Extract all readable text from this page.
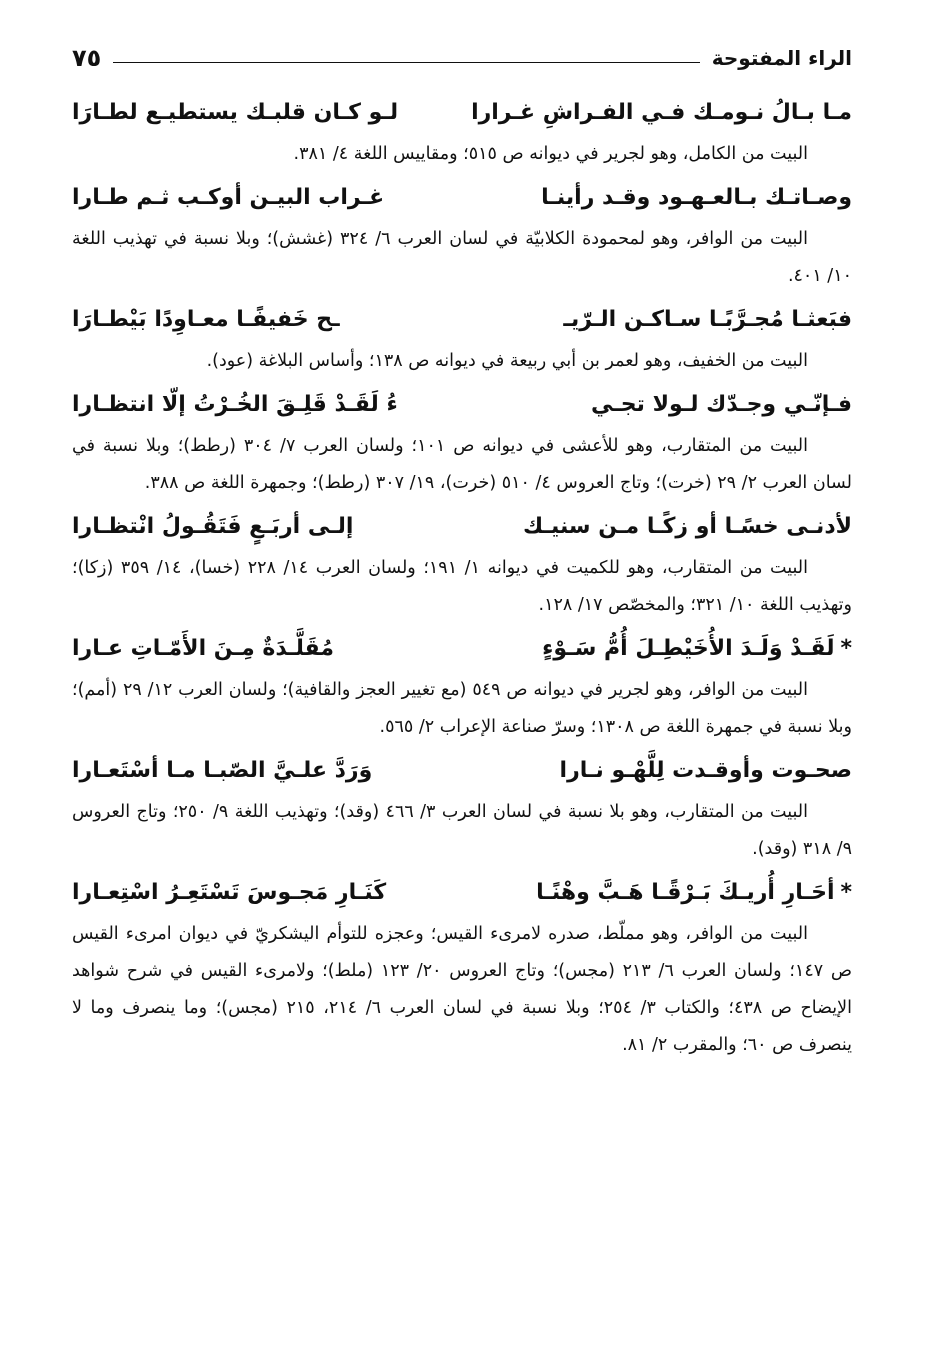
الراء المفتوحة
٧٥
مـا بـالُ نـومـك فـي الفـراشِ غـرارا
لـو كـان قلبـك يستطيـع لطـارَا

البيت من الكامل، وهو لجرير في ديوانه ص ٥١٥؛ ومقاييس اللغة ٤/ ٣٨١.

وصـاتـك بـالعـهـود وقـد رأينـا
غـراب البيـن أوكـب ثـم طـارا

البيت من الوافر، وهو لمحمودة الكلابيّة في لسان العرب ٦/ ٣٢٤ (غشش)؛ وبلا نسبة في تهذيب اللغة ١٠/ ٤٠١.

فبَعثـا مُجـرَّبًـا سـاكـن الـرّيـ
ـح خَفيفًـا معـاوِدًا بَيْطـارَا

البيت من الخفيف، وهو لعمر بن أبي ربيعة في ديوانه ص ١٣٨؛ وأساس البلاغة (عود).

فـإنّـي وجـدّك لـولا تجـي
ءُ لَقَـدْ قَلِـقَ الخُـرْتُ إلّا انتظـارا

البيت من المتقارب، وهو للأعشى في ديوانه ص ١٠١؛ ولسان العرب ٧/ ٣٠٤ (رطط)؛ وبلا نسبة في لسان العرب ٢/ ٢٩ (خرت)؛ وتاج العروس ٤/ ٥١٠ (خرت)، ١٩/ ٣٠٧ (رطط)؛ وجمهرة اللغة ص ٣٨٨.

لأدنـى خسًـا أو زكًـا مـن سنيـك
إلـى أربَـعٍ فَتَقُـولُ انْتظـارا

البيت من المتقارب، وهو للكميت في ديوانه ١/ ١٩١؛ ولسان العرب ١٤/ ٢٢٨ (خسا)، ١٤/ ٣٥٩ (زكا)؛ وتهذيب اللغة ١٠/ ٣٢١؛ والمخصّص ١٧/ ١٢٨.

*لَقَـدْ وَلَـدَ الأُخَيْطِـلَ أُمُّ سَـوْءٍ
مُقَلَّـدَةٌ مِـنَ الأَمّـاتِ عـارا

البيت من الوافر، وهو لجرير في ديوانه ص ٥٤٩ (مع تغيير العجز والقافية)؛ ولسان العرب ١٢/ ٢٩ (أمم)؛ وبلا نسبة في جمهرة اللغة ص ١٣٠٨؛ وسرّ صناعة الإعراب ٢/ ٥٦٥.

صحـوت وأوقـدت لِلَّهْـو نـارا
وَرَدَّ علـيَّ الصّبـا مـا أسْتَعـارا

البيت من المتقارب، وهو بلا نسبة في لسان العرب ٣/ ٤٦٦ (وقد)؛ وتهذيب اللغة ٩/ ٢٥٠؛ وتاج العروس ٩/ ٣١٨ (وقد).

*أحَـارِ أُريـكَ بَـرْقًـا هَـبَّ وهْنًـا
كَنَـارِ مَجـوسَ تَسْتَعِـرُ اسْتِعـارا

البيت من الوافر، وهو مملّط، صدره لامرىء القيس؛ وعجزه للتوأم اليشكريّ في ديوان امرىء القيس ص ١٤٧؛ ولسان العرب ٦/ ٢١٣ (مجس)؛ وتاج العروس ٢٠/ ١٢٣ (ملط)؛ ولامرىء القيس في شرح شواهد الإيضاح ص ٤٣٨؛ والكتاب ٣/ ٢٥٤؛ وبلا نسبة في لسان العرب ٦/ ٢١٤، ٢١٥ (مجس)؛ وما ينصرف وما لا ينصرف ص ٦٠؛ والمقرب ٢/ ٨١.
